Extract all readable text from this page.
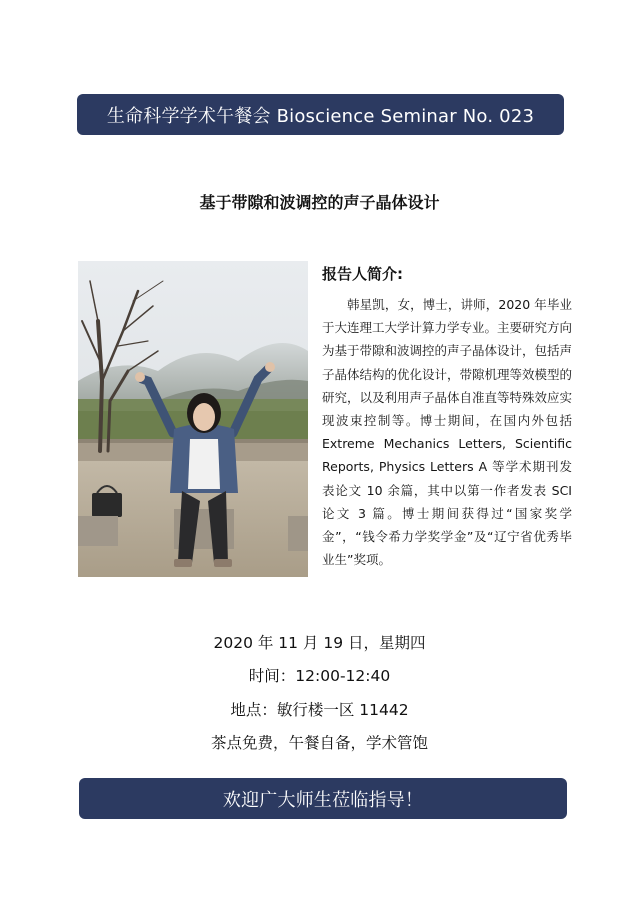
生命科学学术午餐会 Bioscience Seminar No. 023
基于带隙和波调控的声子晶体设计
报告人简介:
韩星凯，女，博士，讲师，2020 年毕业于大连理工大学计算力学专业。主要研究方向为基于带隙和波调控的声子晶体设计，包括声子晶体结构的优化设计，带隙机理等效模型的研究，以及利用声子晶体自准直等特殊效应实现波束控制等。博士期间，在国内外包括 Extreme Mechanics Letters, Scientific Reports, Physics Letters A 等学术期刊发表论文 10 余篇，其中以第一作者发表 SCI 论文 3 篇。博士期间获得过“国家奖学金”，“钱令希力学奖学金”及“辽宁省优秀毕业生”奖项。
2020 年 11 月 19 日，星期四
时间：12:00-12:40
地点：敏行楼一区 11442
茶点免费，午餐自备，学术管饱
欢迎广大师生莅临指导！
